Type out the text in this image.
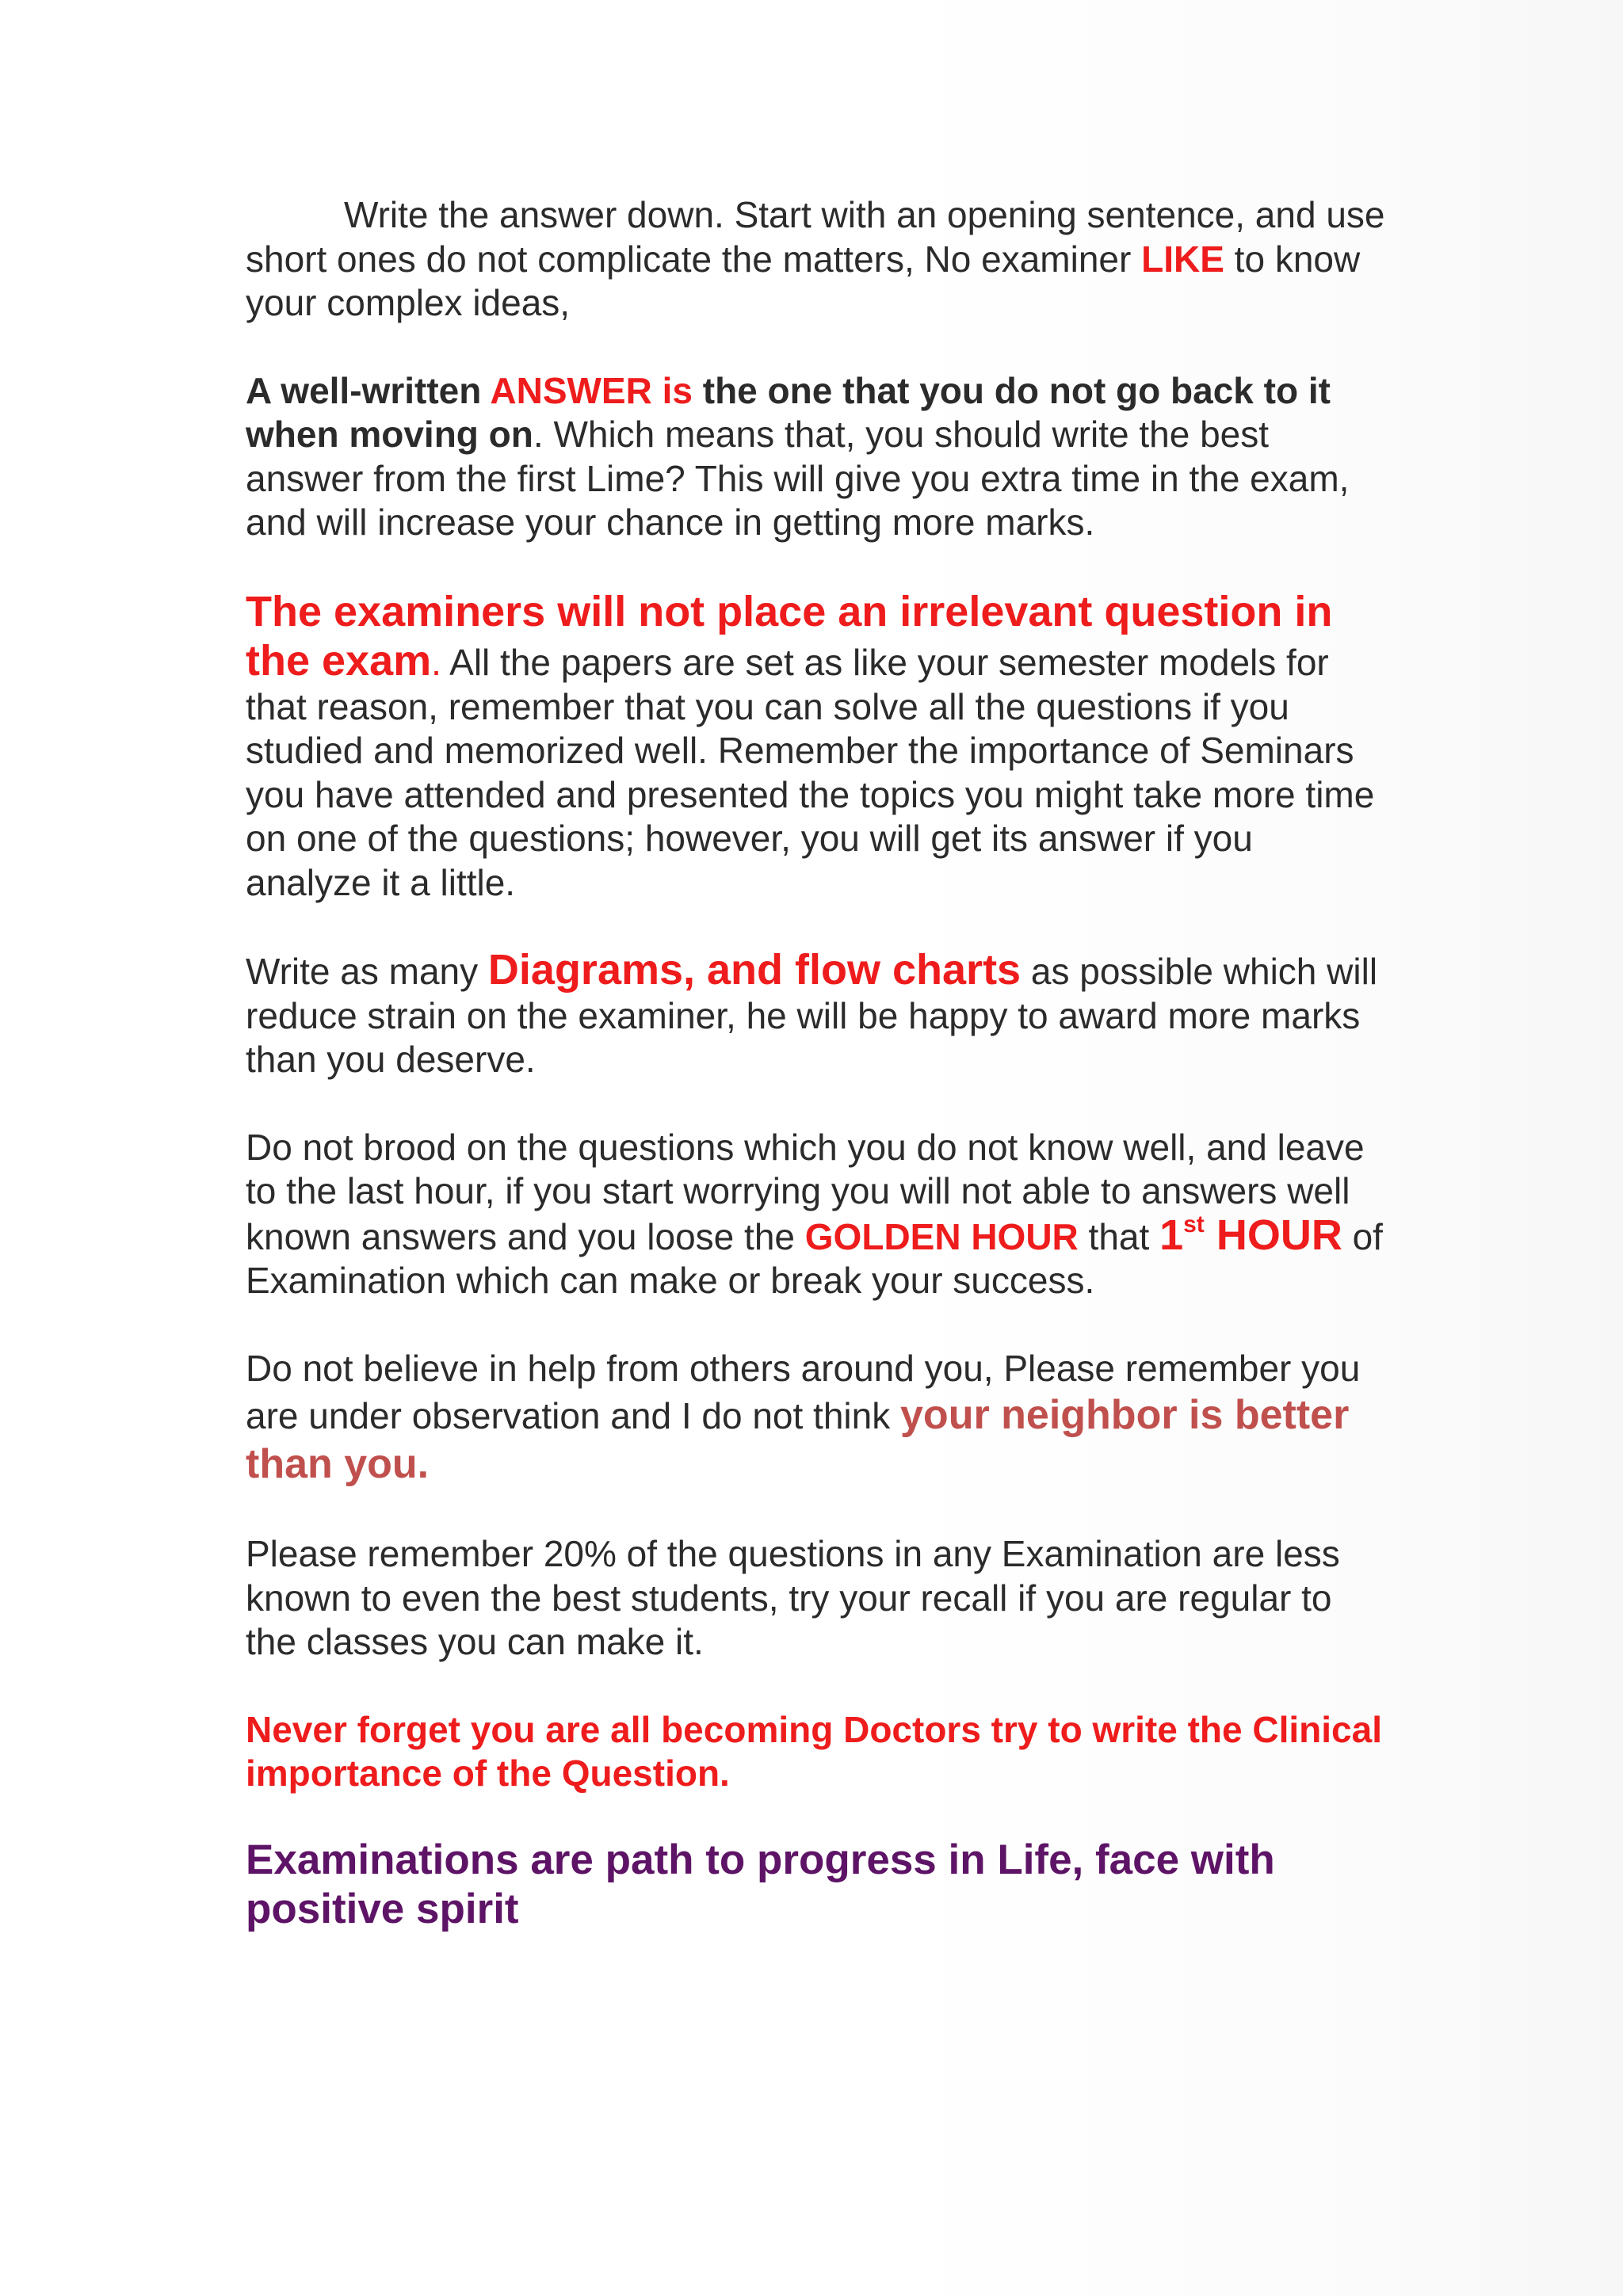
Write the answer down. Start with an opening sentence, and use short ones do not complicate the matters, No examiner LIKE to know your complex ideas,

A well-written ANSWER is the one that you do not go back to it when moving on. Which means that, you should write the best answer from the first Lime? This will give you extra time in the exam, and will increase your chance in getting more marks.

The examiners will not place an irrelevant question in the exam. All the papers are set as like your semester models for that reason, remember that you can solve all the questions if you studied and memorized well. Remember the importance of Seminars you have attended and presented the topics you might take more time on one of the questions; however, you will get its answer if you analyze it a little.

Write as many Diagrams, and flow charts as possible which will reduce strain on the examiner, he will be happy to award more marks than you deserve.

Do not brood on the questions which you do not know well, and leave to the last hour, if you start worrying you will not able to answers well known answers and you loose the GOLDEN HOUR that 1st HOUR of Examination which can make or break your success.

Do not believe in help from others around you, Please remember you are under observation and I do not think your neighbor is better than you.

Please remember 20% of the questions in any Examination are less known to even the best students, try your recall if you are regular to the classes you can make it.

Never forget you are all becoming Doctors try to write the Clinical importance of the Question.

Examinations are path to progress in Life, face with positive spirit
